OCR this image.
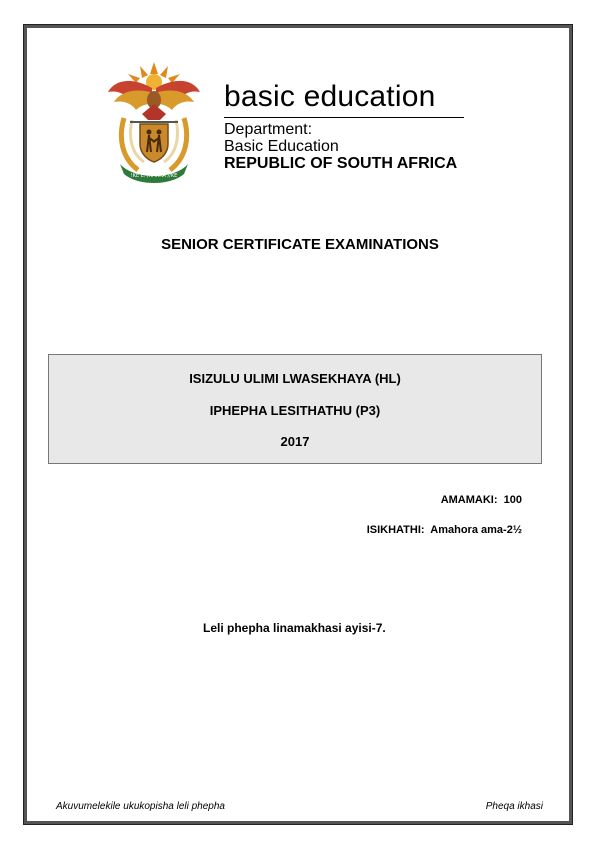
!KE E: /XARRA //KE
basic education
Department:
Basic Education
REPUBLIC OF SOUTH AFRICA
SENIOR CERTIFICATE EXAMINATIONS
ISIZULU ULIMI LWASEKHAYA (HL)
IPHEPHA LESITHATHU (P3)
2017
AMAMAKI: 100
ISIKHATHI: Amahora ama-2½
Leli phepha linamakhasi ayisi-7.
Akuvumelekile ukukopisha leli phepha	Pheqa ikhasi
